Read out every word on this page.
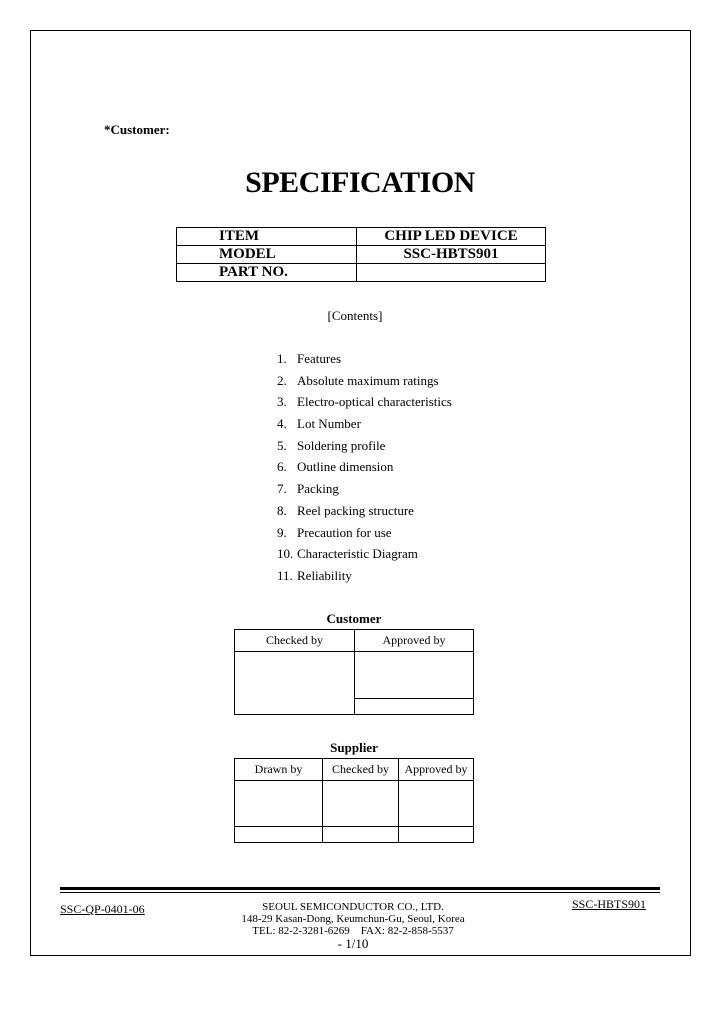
*Customer:
SPECIFICATION
ITEM	CHIP LED DEVICE
MODEL	SSC-HBTS901
PART NO.	
[Contents]
1. Features
2. Absolute maximum ratings
3. Electro-optical characteristics
4. Lot Number
5. Soldering profile
6. Outline dimension
7. Packing
8. Reel packing structure
9. Precaution for use
10. Characteristic Diagram
11. Reliability
Customer
Checked by	Approved by

Supplier
Drawn by	Checked by	Approved by

SSC-QP-0401-06	SSC-HBTS901
SEOUL SEMICONDUCTOR CO., LTD.
148-29 Kasan-Dong, Keumchun-Gu, Seoul, Korea
TEL: 82-2-3281-6269    FAX: 82-2-858-5537
- 1/10
